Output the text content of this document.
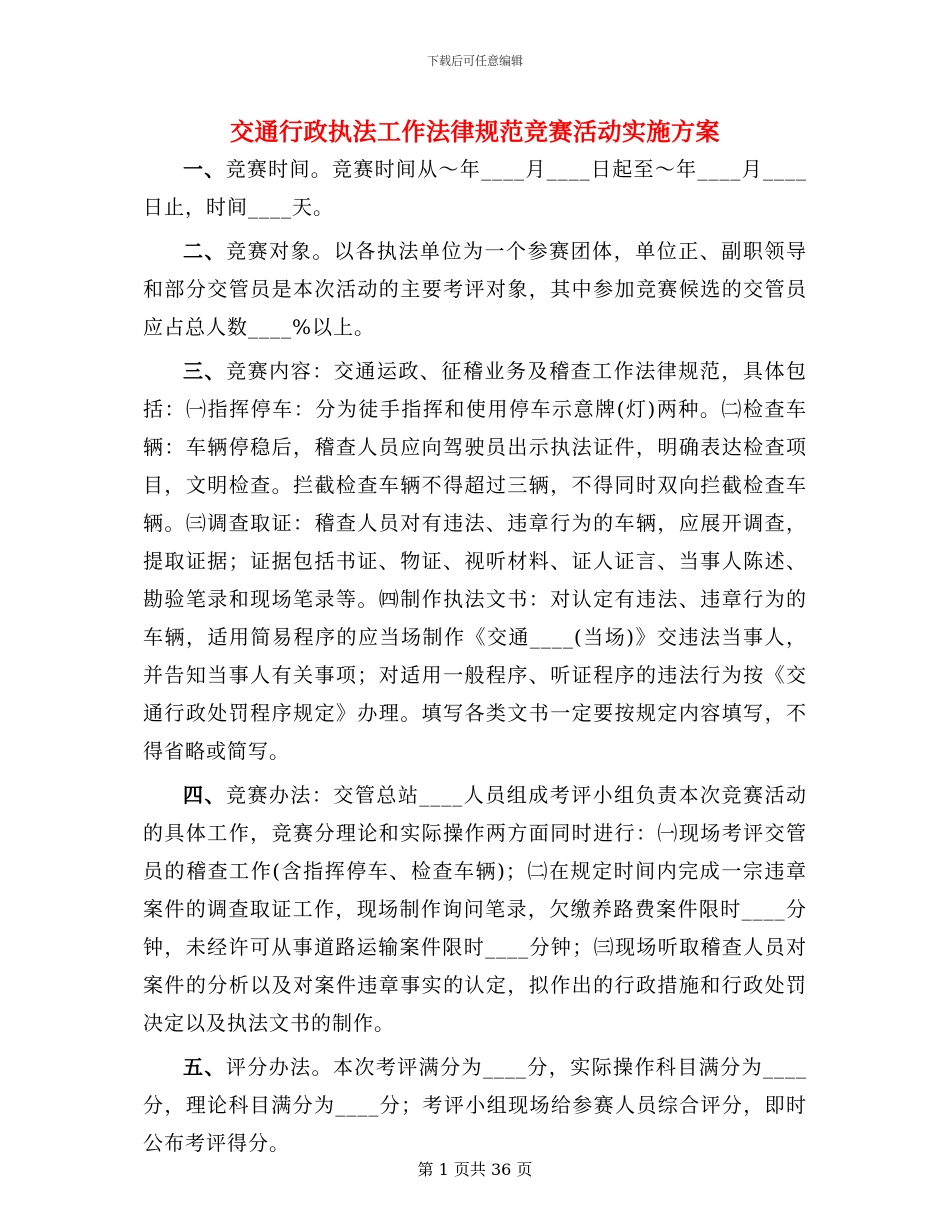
下载后可任意编辑
交通行政执法工作法律规范竞赛活动实施方案

一、竞赛时间。竞赛时间从～年____月____日起至～年____月____日止，时间____天。

二、竞赛对象。以各执法单位为一个参赛团体，单位正、副职领导和部分交管员是本次活动的主要考评对象，其中参加竞赛候选的交管员应占总人数____%以上。

三、竞赛内容：交通运政、征稽业务及稽查工作法律规范，具体包括：㈠指挥停车：分为徒手指挥和使用停车示意牌(灯)两种。㈡检查车辆：车辆停稳后，稽查人员应向驾驶员出示执法证件，明确表达检查项目，文明检查。拦截检查车辆不得超过三辆，不得同时双向拦截检查车辆。㈢调查取证：稽查人员对有违法、违章行为的车辆，应展开调查，提取证据；证据包括书证、物证、视听材料、证人证言、当事人陈述、勘验笔录和现场笔录等。㈣制作执法文书：对认定有违法、违章行为的车辆，适用简易程序的应当场制作《交通____(当场)》交违法当事人，并告知当事人有关事项；对适用一般程序、听证程序的违法行为按《交通行政处罚程序规定》办理。填写各类文书一定要按规定内容填写，不得省略或简写。

四、竞赛办法：交管总站____人员组成考评小组负责本次竞赛活动的具体工作，竞赛分理论和实际操作两方面同时进行：㈠现场考评交管员的稽查工作(含指挥停车、检查车辆)；㈡在规定时间内完成一宗违章案件的调查取证工作，现场制作询问笔录，欠缴养路费案件限时____分钟，未经许可从事道路运输案件限时____分钟；㈢现场听取稽查人员对案件的分析以及对案件违章事实的认定，拟作出的行政措施和行政处罚决定以及执法文书的制作。

五、评分办法。本次考评满分为____分，实际操作科目满分为____分，理论科目满分为____分；考评小组现场给参赛人员综合评分，即时公布考评得分。

第 1 页共 36 页
